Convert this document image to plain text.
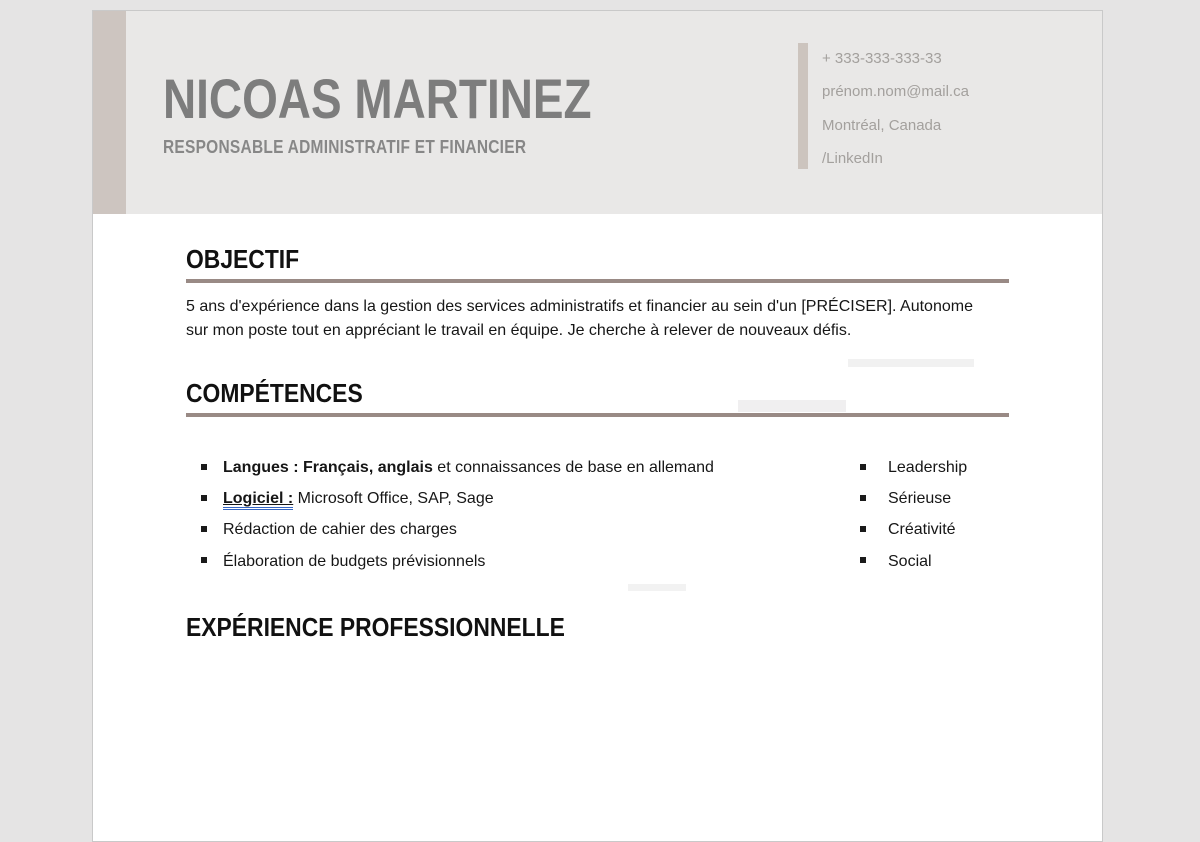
NICOAS MARTINEZ
RESPONSABLE ADMINISTRATIF ET FINANCIER
+ 333-333-333-33
prénom.nom@mail.ca
Montréal, Canada
/LinkedIn
OBJECTIF

5 ans d'expérience dans la gestion des services administratifs et financier au sein d'un [PRÉCISER]. Autonome sur mon poste tout en appréciant le travail en équipe. Je cherche à relever de nouveaux défis.

COMPÉTENCES
Langues : Français, anglais et connaissances de base en allemand
Logiciel : Microsoft Office, SAP, Sage
Rédaction de cahier des charges
Élaboration de budgets prévisionnels
Leadership
Sérieuse
Créativité
Social
EXPÉRIENCE PROFESSIONNELLE
